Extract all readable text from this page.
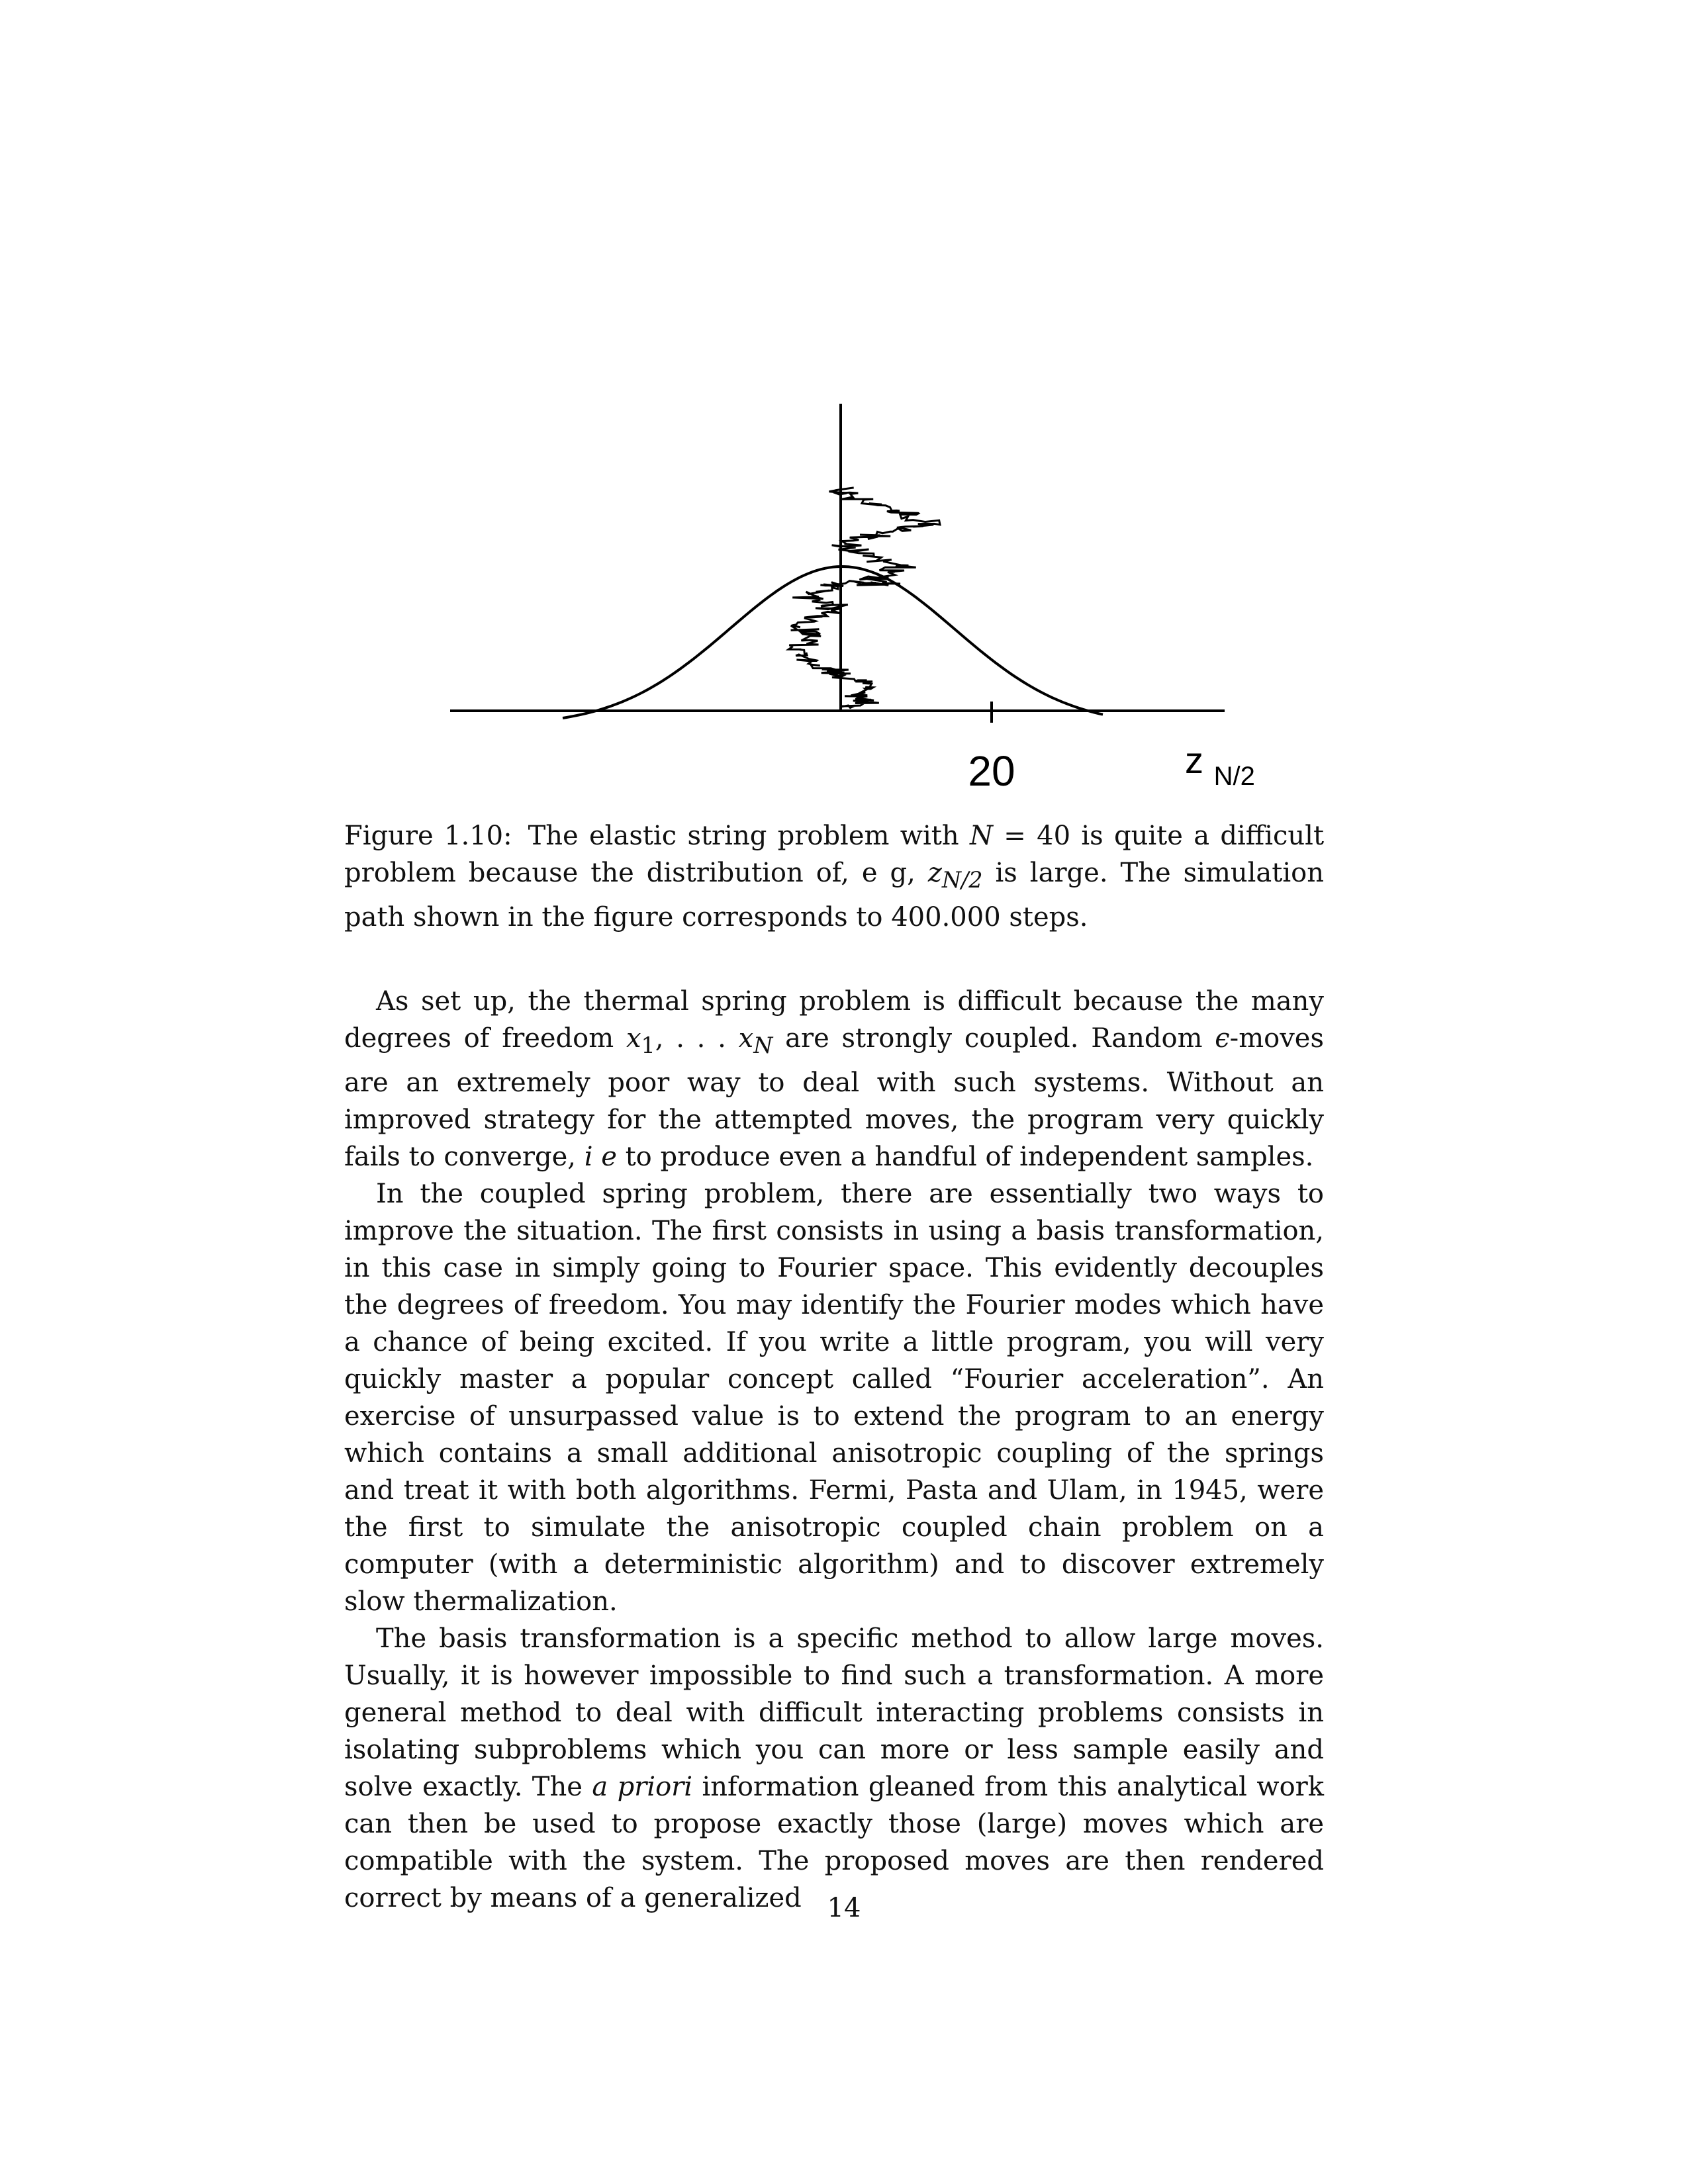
20	z $_{N/2}$
Figure 1.10: The elastic string problem with N = 40 is quite a difficult problem because the distribution of, e g, $z_{N/2}$ is large. The simulation path shown in the figure corresponds to 400.000 steps.

As set up, the thermal spring problem is difficult because the many degrees of freedom $x_1$, . . . $x_N$ are strongly coupled. Random ϵ-moves are an extremely poor way to deal with such systems. Without an improved strategy for the attempted moves, the program very quickly fails to converge, i e to produce even a handful of independent samples.

In the coupled spring problem, there are essentially two ways to improve the situation. The first consists in using a basis transformation, in this case in simply going to Fourier space. This evidently decouples the degrees of freedom. You may identify the Fourier modes which have a chance of being excited. If you write a little program, you will very quickly master a popular concept called “Fourier acceleration”. An exercise of unsurpassed value is to extend the program to an energy which contains a small additional anisotropic coupling of the springs and treat it with both algorithms. Fermi, Pasta and Ulam, in 1945, were the first to simulate the anisotropic coupled chain problem on a computer (with a deterministic algorithm) and to discover extremely slow thermalization.

The basis transformation is a specific method to allow large moves. Usually, it is however impossible to find such a transformation. A more general method to deal with difficult interacting problems consists in isolating subproblems which you can more or less sample easily and solve exactly. The a priori information gleaned from this analytical work can then be used to propose exactly those (large) moves which are compatible with the system. The proposed moves are then rendered correct by means of a generalized 14
